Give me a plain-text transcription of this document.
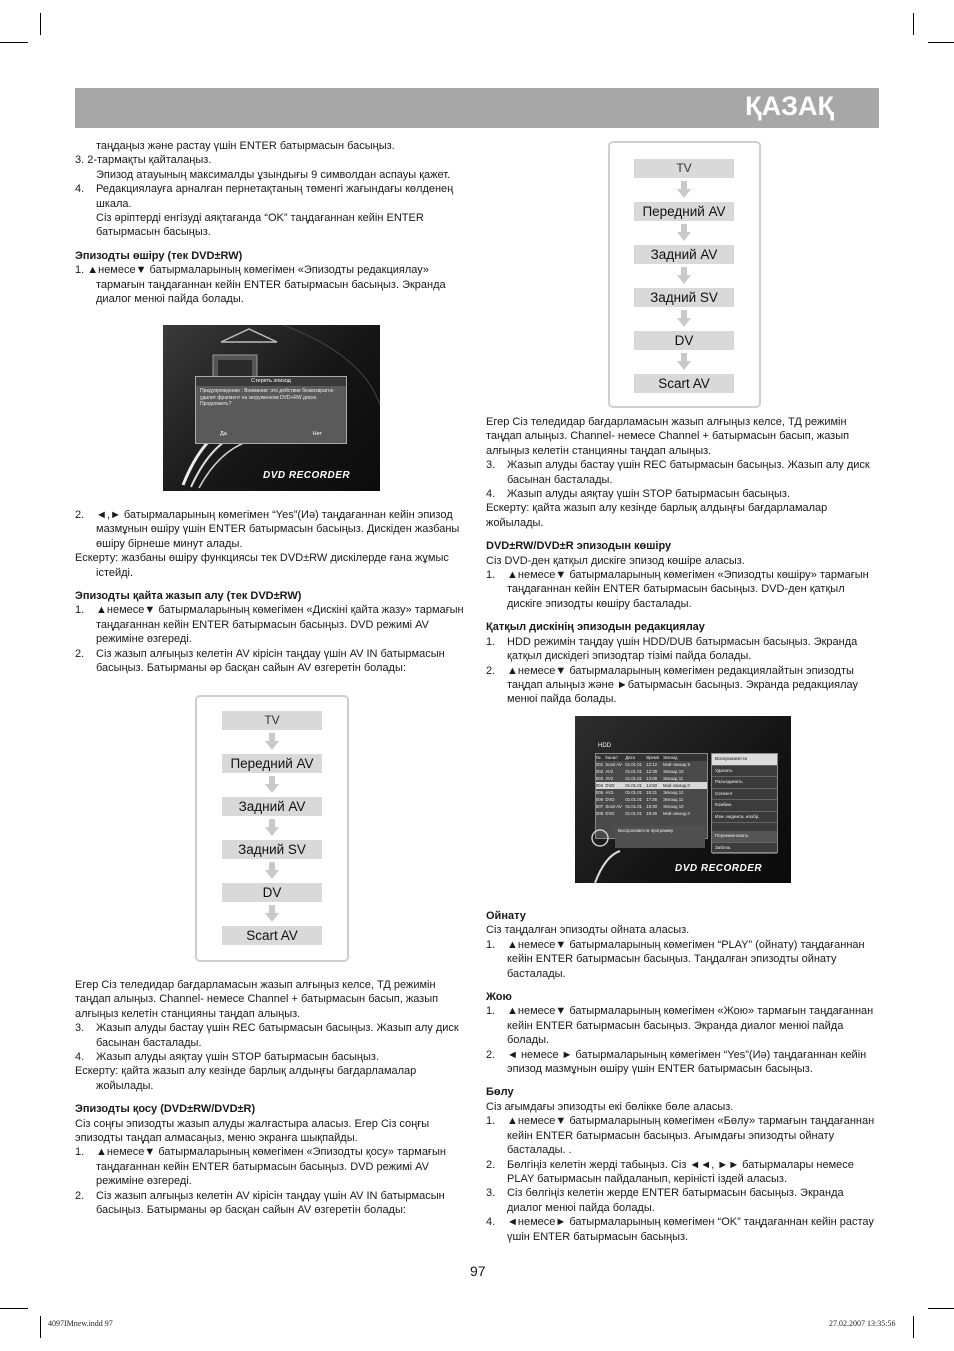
ҚАЗАҚ

таңдаңыз және растау үшін ENTER батырмасын басыңыз.

3. 2-тармақты қайталаңыз.

Эпизод атауының максималды ұзындығы 9 символдан аспауы қажет.

4. Редакциялауға арналған пернетақтаның төменгі жағындағы көлденең шкала.

Сіз әріптерді енгізуді аяқтағанда “OK” таңдағаннан кейін ENTER батырмасын басыңыз.

Эпизодты өшіру (тек DVD±RW)

1. ▲немесе▼ батырмаларының көмегімен «Эпизодты редакциялау» тармағын таңдағаннан кейін ENTER батырмасын басыңыз. Экранда диалог менюі пайда болады.

Стереть эпизод
Предупреждение : Внимание: это действие безвозвратно удалит фрагмент на загруженном DVD+RW диске. Продолжить?
Да	Нет
DVD RECORDER

2. ◄,► батырмаларының көмегімен “Yes”(Иә) таңдағаннан кейін эпизод мазмұнын өшіру үшін ENTER батырмасын басыңыз. Дискіден жазбаны өшіру бірнеше минут алады.

Ескерту: жазбаны өшіру функциясы тек DVD±RW дискілерде ғана жұмыс істейді.

Эпизодты қайта жазып алу (тек DVD±RW)

1. ▲немесе▼ батырмаларының көмегімен «Дискіні қайта жазу» тармағын таңдағаннан кейін ENTER батырмасын басыңыз. DVD режимі AV режиміне өзгереді.

2. Сіз жазып алғыңыз келетін AV кірісін таңдау үшін AV IN батырмасын басыңыз. Батырманы әр басқан сайын AV өзгеретін болады:

TV
Передний AV
Задний AV
Задний SV
DV
Scart AV

Егер Сіз теледидар бағдарламасын жазып алғыңыз келсе, ТД режимін таңдап алыңыз. Channel- немесе Channel + батырмасын басып, жазып алғыңыз келетін станцияны таңдап алыңыз.

3. Жазып алуды бастау үшін REC батырмасын басыңыз. Жазып алу диск басынан басталады.

4. Жазып алуды аяқтау үшін STOP батырмасын басыңыз.

Ескерту: қайта жазып алу кезінде барлық алдыңғы бағдарламалар жойылады.

Эпизодты қосу (DVD±RW/DVD±R)

Сіз соңғы эпизодты жазып алуды жалғастыра аласыз. Егер Сіз соңғы эпизодты таңдап алмасаңыз, меню экранға шықпайды.

1. ▲немесе▼ батырмаларының көмегімен «Эпизодты қосу» тармағын таңдағаннан кейін ENTER батырмасын басыңыз. DVD режимі AV режиміне өзгереді.

2. Сіз жазып алғыңыз келетін AV кірісін таңдау үшін AV IN батырмасын басыңыз. Батырманы әр басқан сайын AV өзгеретін болады:

TV
Передний AV
Задний AV
Задний SV
DV
Scart AV

Егер Сіз теледидар бағдарламасын жазып алғыңыз келсе, ТД режимін таңдап алыңыз. Channel- немесе Channel + батырмасын басып, жазып алғыңыз келетін станцияны таңдап алыңыз.

3. Жазып алуды бастау үшін REC батырмасын басыңыз. Жазып алу диск басынан басталады.

4. Жазып алуды аяқтау үшін STOP батырмасын басыңыз.

Ескерту: қайта жазып алу кезінде барлық алдыңғы бағдарламалар жойылады.

DVD±RW/DVD±R эпизодын көшіру

Сіз DVD-ден қатқыл дискіге эпизод көшіре аласыз.

1. ▲немесе▼ батырмаларының көмегімен «Эпизодты көшіру» тармағын таңдағаннан кейін ENTER батырмасын басыңыз. DVD-ден қатқыл дискіге эпизодты көшіру басталады.

Қатқыл дискінің эпизодын редакциялау

1. HDD режимін таңдау үшін HDD/DUB батырмасын басыңыз. Экранда қатқыл дискідегі эпизодтар тізімі пайда болады.

2. ▲немесе▼ батырмаларының көмегімен редакциялайтын эпизодты таңдап алыңыз және ►батырмасын басыңыз. Экранда редакциялау менюі пайда болады.

HDD
№	Канал	Дата	Время Эпизод
001 Scart AV 01.01.01 12:12	Мой эпизод 9
002 AV2	01.01.01 12:38	Эпизод 10
003 AV2	01.01.01 13:09	Эпизод 11
004 DVD	01.01.01 14:50	Мой эпизод 0
005 AV2	01.01.01 15:21	Эпизод 12
006 DVD	01.01.01 17:36	Эпизод 11
007 Scart AV 01.01.01 18:30	Эпизод 10
008 DVD	01.01.01 19:45	Мой эпизод 0
Воспроизвести
Удалить
Разъединить
Сегмент
Комбин.
Изм. индекса, изобр.
Переименовать
Заблок.
Воспроизвести программу
DVD RECORDER

Ойнату

Сіз таңдалған эпизодты ойната аласыз.

1. ▲немесе▼ батырмаларының көмегімен “PLAY” (ойнату) таңдағаннан кейін ENTER батырмасын басыңыз. Таңдалған эпизодты ойнату басталады.

Жою

1. ▲немесе▼ батырмаларының көмегімен «Жою» тармағын таңдағаннан кейін ENTER батырмасын басыңыз. Экранда диалог менюі пайда болады.

2. ◄ немесе ► батырмаларының көмегімен “Yes”(Иә) таңдағаннан кейін эпизод мазмұнын өшіру үшін ENTER батырмасын басыңыз.

Бөлу

Сіз ағымдағы эпизодты екі бөлікке бөле аласыз.

1. ▲немесе▼ батырмаларының көмегімен «Бөлу» тармағын таңдағаннан кейін ENTER батырмасын басыңыз. Ағымдағы эпизодты ойнату басталады. .

2. Бөлгіңіз келетін жерді табыңыз. Сіз ◄◄, ►► батырмалары немесе PLAY батырмасын пайдаланып, керіністі іздей аласыз.

3. Сіз бөлгіңіз келетін жерде ENTER батырмасын басыңыз. Экранда диалог менюі пайда болады.

4. ◄немесе► батырмаларының көмегімен “OK” таңдағаннан кейін растау үшін ENTER батырмасын басыңыз.

97
4097IMnew.indd 97	27.02.2007 13:35:56
